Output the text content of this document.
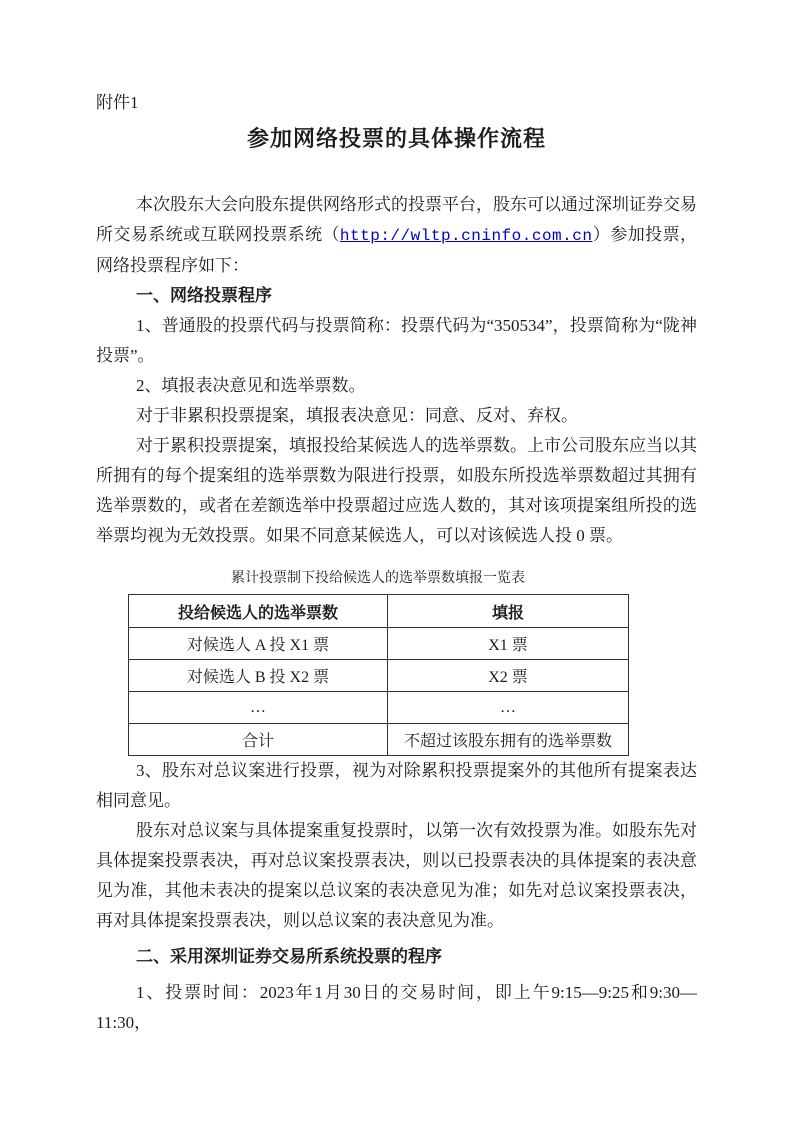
附件1
参加网络投票的具体操作流程

本次股东大会向股东提供网络形式的投票平台，股东可以通过深圳证券交易所交易系统或互联网投票系统（http://wltp.cninfo.com.cn）参加投票，网络投票程序如下：

一、网络投票程序

1、普通股的投票代码与投票简称：投票代码为“350534”，投票简称为“陇神投票”。

2、填报表决意见和选举票数。

对于非累积投票提案，填报表决意见：同意、反对、弃权。

对于累积投票提案，填报投给某候选人的选举票数。上市公司股东应当以其所拥有的每个提案组的选举票数为限进行投票，如股东所投选举票数超过其拥有选举票数的，或者在差额选举中投票超过应选人数的，其对该项提案组所投的选举票均视为无效投票。如果不同意某候选人，可以对该候选人投 0 票。

累计投票制下投给候选人的选举票数填报一览表
投给候选人的选举票数	填报
对候选人 A 投 X1 票	X1 票
对候选人 B 投 X2 票	X2 票
…	…
合计	不超过该股东拥有的选举票数

3、股东对总议案进行投票，视为对除累积投票提案外的其他所有提案表达相同意见。

股东对总议案与具体提案重复投票时，以第一次有效投票为准。如股东先对具体提案投票表决，再对总议案投票表决，则以已投票表决的具体提案的表决意见为准，其他未表决的提案以总议案的表决意见为准；如先对总议案投票表决，再对具体提案投票表决，则以总议案的表决意见为准。

二、采用深圳证券交易所系统投票的程序

1、投票时间：2023年1月30日的交易时间，即上午9:15—9:25和9:30—11:30，
